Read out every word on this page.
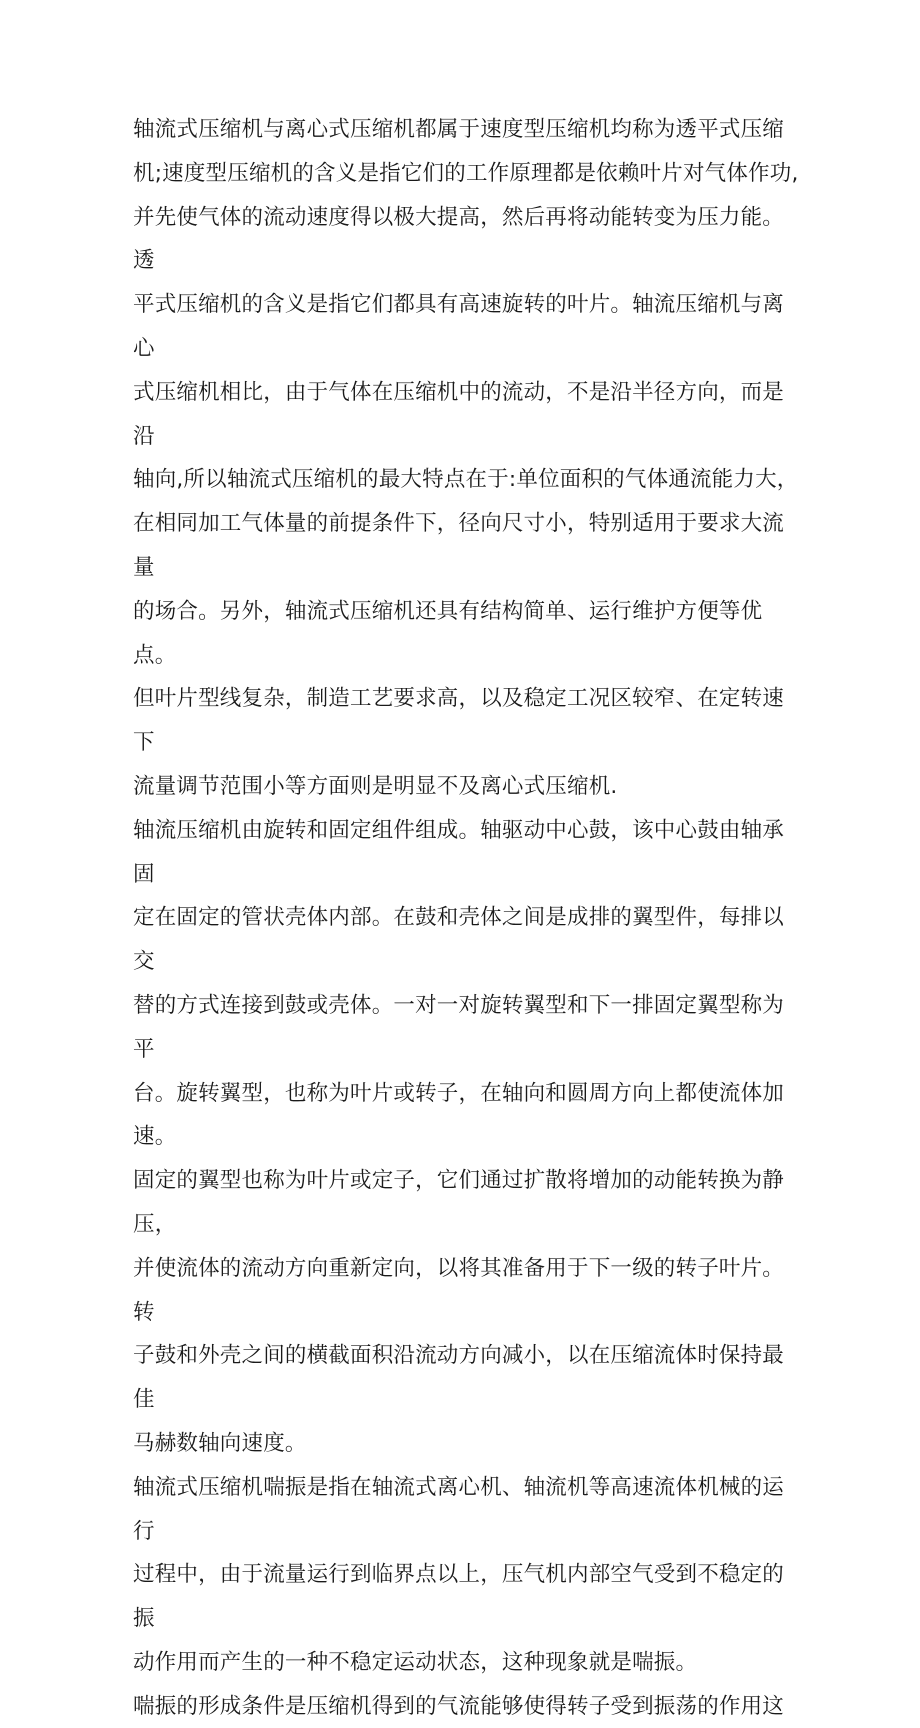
轴流式压缩机与离心式压缩机都属于速度型压缩机均称为透平式压缩
机;速度型压缩机的含义是指它们的工作原理都是依赖叶片对气体作功,
并先使气体的流动速度得以极大提高，然后再将动能转变为压力能。透
平式压缩机的含义是指它们都具有高速旋转的叶片。轴流压缩机与离心
式压缩机相比，由于气体在压缩机中的流动，不是沿半径方向，而是沿
轴向,所以轴流式压缩机的最大特点在于:单位面积的气体通流能力大，
在相同加工气体量的前提条件下，径向尺寸小，特别适用于要求大流量
的场合。另外，轴流式压缩机还具有结构简单、运行维护方便等优点。
但叶片型线复杂，制造工艺要求高，以及稳定工况区较窄、在定转速下
流量调节范围小等方面则是明显不及离心式压缩机.

轴流压缩机由旋转和固定组件组成。轴驱动中心鼓，该中心鼓由轴承固
定在固定的管状壳体内部。在鼓和壳体之间是成排的翼型件，每排以交
替的方式连接到鼓或壳体。一对一对旋转翼型和下一排固定翼型称为平
台。旋转翼型，也称为叶片或转子，在轴向和圆周方向上都使流体加速。
固定的翼型也称为叶片或定子，它们通过扩散将增加的动能转换为静压，
并使流体的流动方向重新定向，以将其准备用于下一级的转子叶片。转
子鼓和外壳之间的横截面积沿流动方向减小，以在压缩流体时保持最佳
马赫数轴向速度。

轴流式压缩机喘振是指在轴流式离心机、轴流机等高速流体机械的运行
过程中，由于流量运行到临界点以上，压气机内部空气受到不稳定的振
动作用而产生的一种不稳定运动状态，这种现象就是喘振。

喘振的形成条件是压缩机得到的气流能够使得转子受到振荡的作用这
